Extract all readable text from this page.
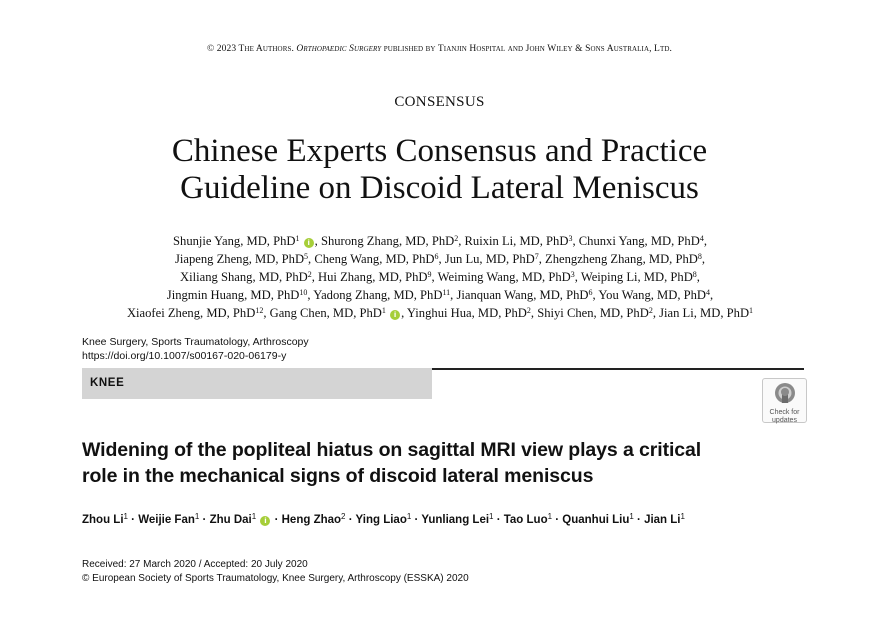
© 2023 The Authors. Orthopaedic Surgery published by Tianjin Hospital and John Wiley & Sons Australia, Ltd.
CONSENSUS
Chinese Experts Consensus and Practice
Guideline on Discoid Lateral Meniscus
Shunjie Yang, MD, PhD$^1$ i , Shurong Zhang, MD, PhD$^2$, Ruixin Li, MD, PhD$^3$, Chunxi Yang, MD, PhD$^4$,
Jiapeng Zheng, MD, PhD$^5$, Cheng Wang, MD, PhD$^6$, Jun Lu, MD, PhD$^7$, Zhengzheng Zhang, MD, PhD$^8$,
Xiliang Shang, MD, PhD$^2$, Hui Zhang, MD, PhD$^9$, Weiming Wang, MD, PhD$^3$, Weiping Li, MD, PhD$^8$,
Jingmin Huang, MD, PhD$^{10}$, Yadong Zhang, MD, PhD$^{11}$, Jianquan Wang, MD, PhD$^6$, You Wang, MD, PhD$^4$,
Xiaofei Zheng, MD, PhD$^{12}$, Gang Chen, MD, PhD$^1$ i , Yinghui Hua, MD, PhD$^2$, Shiyi Chen, MD, PhD$^2$, Jian Li, MD, PhD$^1$
Knee Surgery, Sports Traumatology, Arthroscopy
https://doi.org/10.1007/s00167-020-06179-y
KNEE
Check for
updates
Widening of the popliteal hiatus on sagittal MRI view plays a critical
role in the mechanical signs of discoid lateral meniscus
Zhou $Li^1$ · Weijie Fan$^1$ · Zhu Dai$^1$ i · Heng Zhao$^2$ · Ying Liao$^1$ · Yunliang Lei$^1$ · Tao Luo$^1$ · Quanhui Liu$^1$ · Jian Li$^1$
Received: 27 March 2020 / Accepted: 20 July 2020
© European Society of Sports Traumatology, Knee Surgery, Arthroscopy (ESSKA) 2020
